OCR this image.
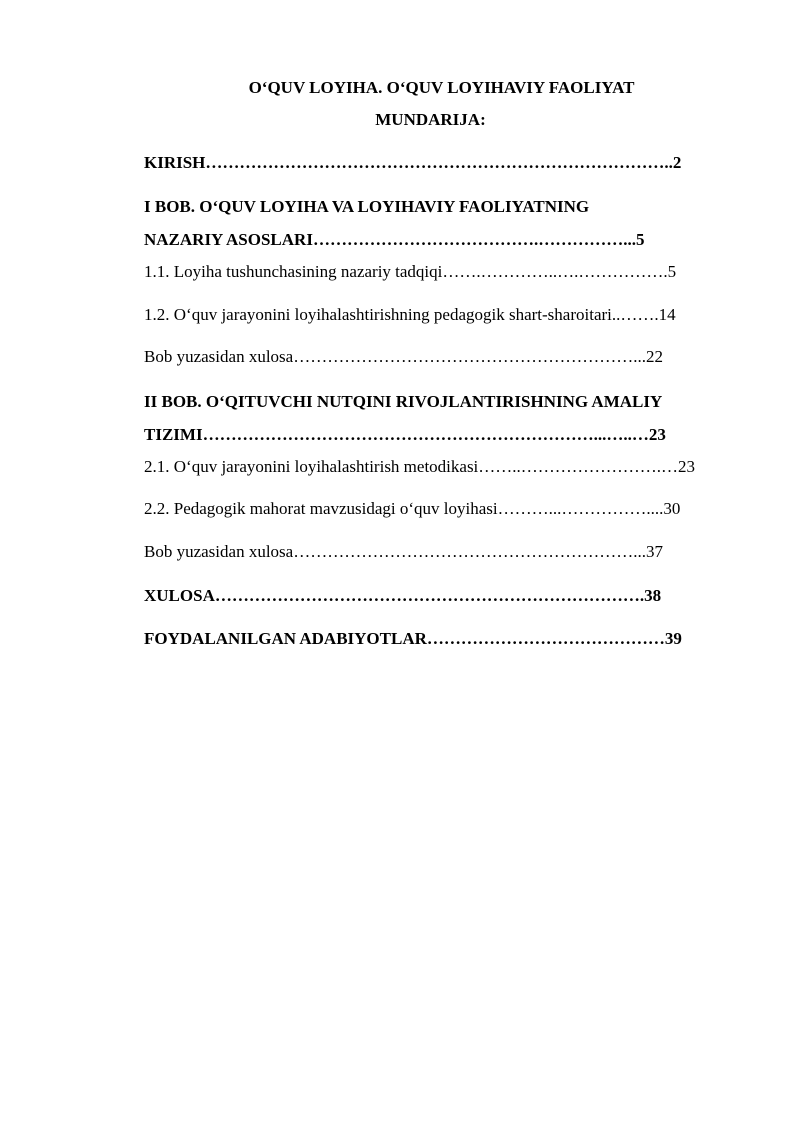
O‘QUV LOYIHA. O‘QUV LOYIHAVIY FAOLIYAT
MUNDARIJA:
KIRISH………………………………………………………………………..2
I BOB. O‘QUV LOYIHA VA LOYIHAVIY FAOLIYATNING
NAZARIY ASOSLARI………………………………….……………...5
1.1. Loyiha tushunchasining nazariy tadqiqi…….…………..….…………….5
1.2. O‘quv jarayonini loyihalashtirishning pedagogik shart-sharoitari..…….14
Bob yuzasidan xulosa……………………………………………………...22
II BOB. O‘QITUVCHI NUTQINI RIVOJLANTIRISHNING AMALIY
TIZIMI……………………………………………………………...…..…23
2.1. O‘quv jarayonini loyihalashtirish metodikasi……..…………………….…23
2.2. Pedagogik mahorat mavzusidagi o‘quv loyihasi………...……………....30
Bob yuzasidan xulosa……………………………………………………...37
XULOSA………………………………………………………………….38
FOYDALANILGAN ADABIYOTLAR……………………………………39
